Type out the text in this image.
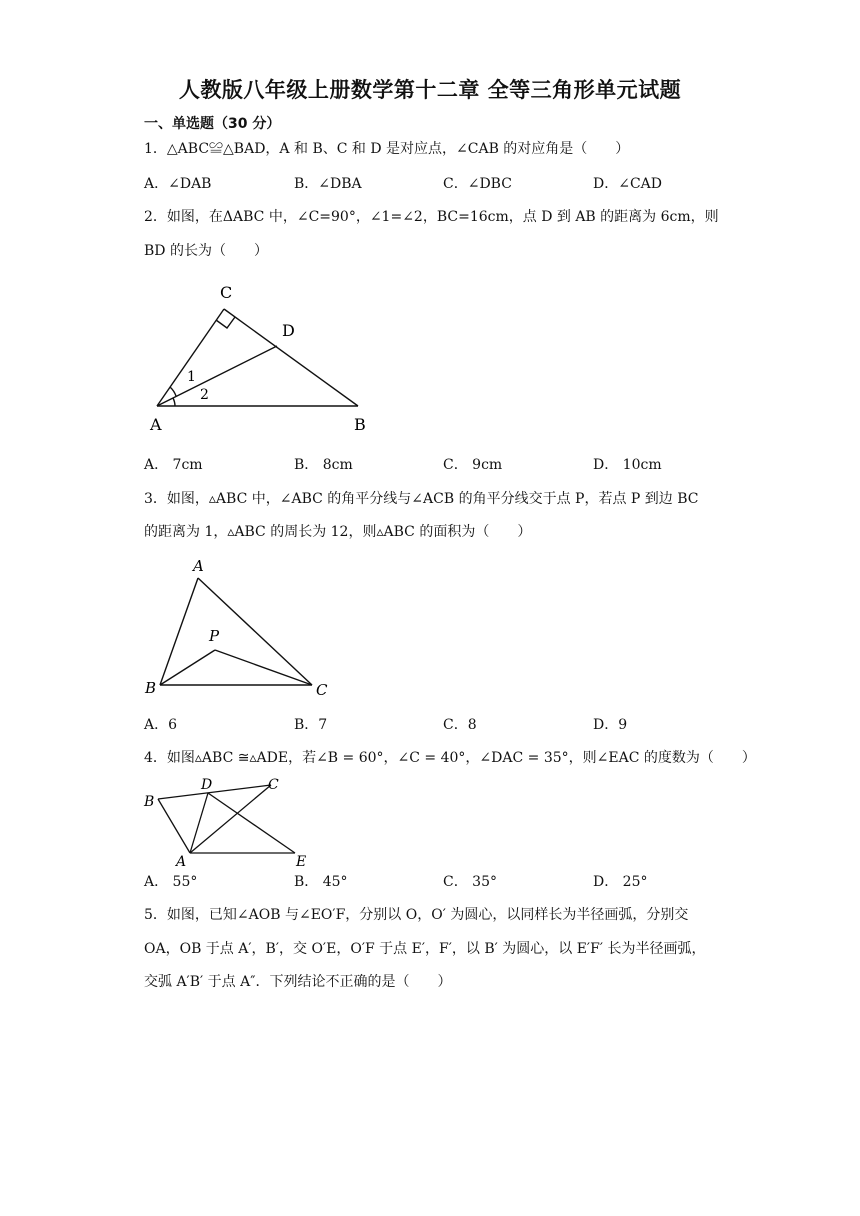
人教版八年级上册数学第十二章 全等三角形单元试题
一、单选题（30 分）
1．△ABC≌△BAD，A 和 B、C 和 D 是对应点，∠CAB 的对应角是（　　）
A．∠DAB	B．∠DBA	C．∠DBC	D．∠CAD
2．如图，在ΔABC 中，∠C=90°，∠1=∠2，BC=16cm，点 D 到 AB 的距离为 6cm，则
BD 的长为（　　）
C
D
A	B
1
2
A． 7cm	B． 8cm	C． 9cm	D． 10cm
3．如图，▵ABC 中，∠ABC 的角平分线与∠ACB 的角平分线交于点 P，若点 P 到边 BC
的距离为 1，▵ABC 的周长为 12，则▵ABC 的面积为（　　）
A
B	C
P
A．6	B．7	C．8	D．9
4．如图▵ABC ≅▵ADE，若∠B = 60°，∠C = 40°，∠DAC = 35°，则∠EAC 的度数为（　　）
B
D	C
A	E
A． 55°	B． 45°	C． 35°	D． 25°
5．如图，已知∠AOB 与∠EO′F，分别以 O，O′ 为圆心，以同样长为半径画弧，分别交
OA，OB 于点 A′，B′，交 O′E，O′F 于点 E′，F′，以 B′ 为圆心，以 E′F′ 长为半径画弧，
交弧 A′B′ 于点 A″．下列结论不正确的是（　　）
